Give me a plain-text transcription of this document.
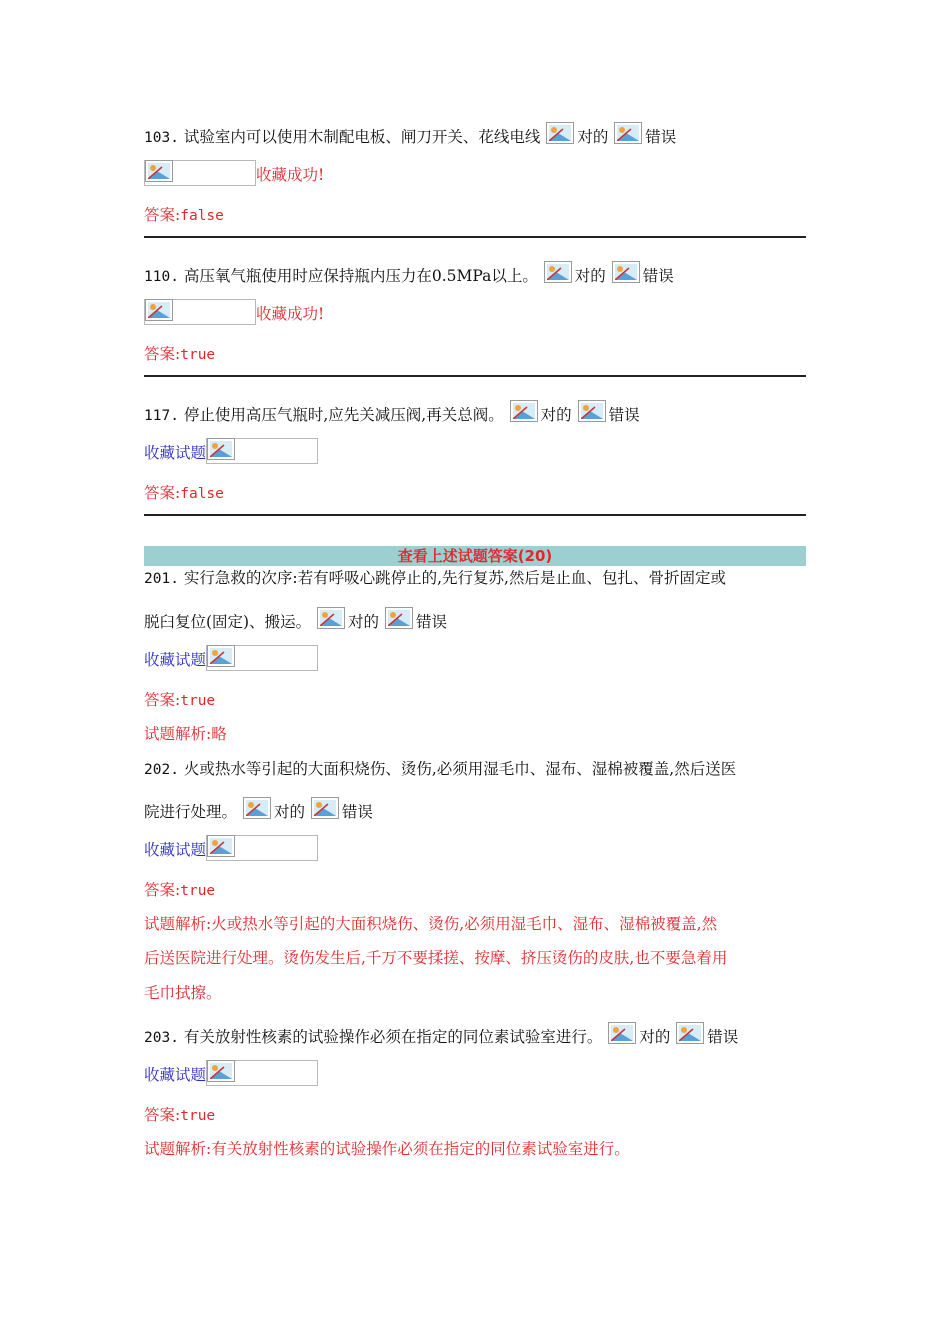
103. 试验室内可以使用木制配电板、闸刀开关、花线电线 对的 错误
收藏成功!
答案:false
110. 高压氧气瓶使用时应保持瓶内压力在0.5MPa以上。 对的 错误
收藏成功!
答案:true
117. 停止使用高压气瓶时,应先关减压阀,再关总阀。 对的 错误
收藏试题
答案:false
查看上述试题答案(20)
201. 实行急救的次序:若有呼吸心跳停止的,先行复苏,然后是止血、包扎、骨折固定或
脱臼复位(固定)、搬运。 对的 错误
收藏试题
答案:true
试题解析:略
202. 火或热水等引起的大面积烧伤、烫伤,必须用湿毛巾、湿布、湿棉被覆盖,然后送医
院进行处理。 对的 错误
收藏试题
答案:true
试题解析:火或热水等引起的大面积烧伤、烫伤,必须用湿毛巾、湿布、湿棉被覆盖,然
后送医院进行处理。烫伤发生后,千万不要揉搓、按摩、挤压烫伤的皮肤,也不要急着用
毛巾拭擦。
203. 有关放射性核素的试验操作必须在指定的同位素试验室进行。 对的 错误
收藏试题
答案:true
试题解析:有关放射性核素的试验操作必须在指定的同位素试验室进行。
